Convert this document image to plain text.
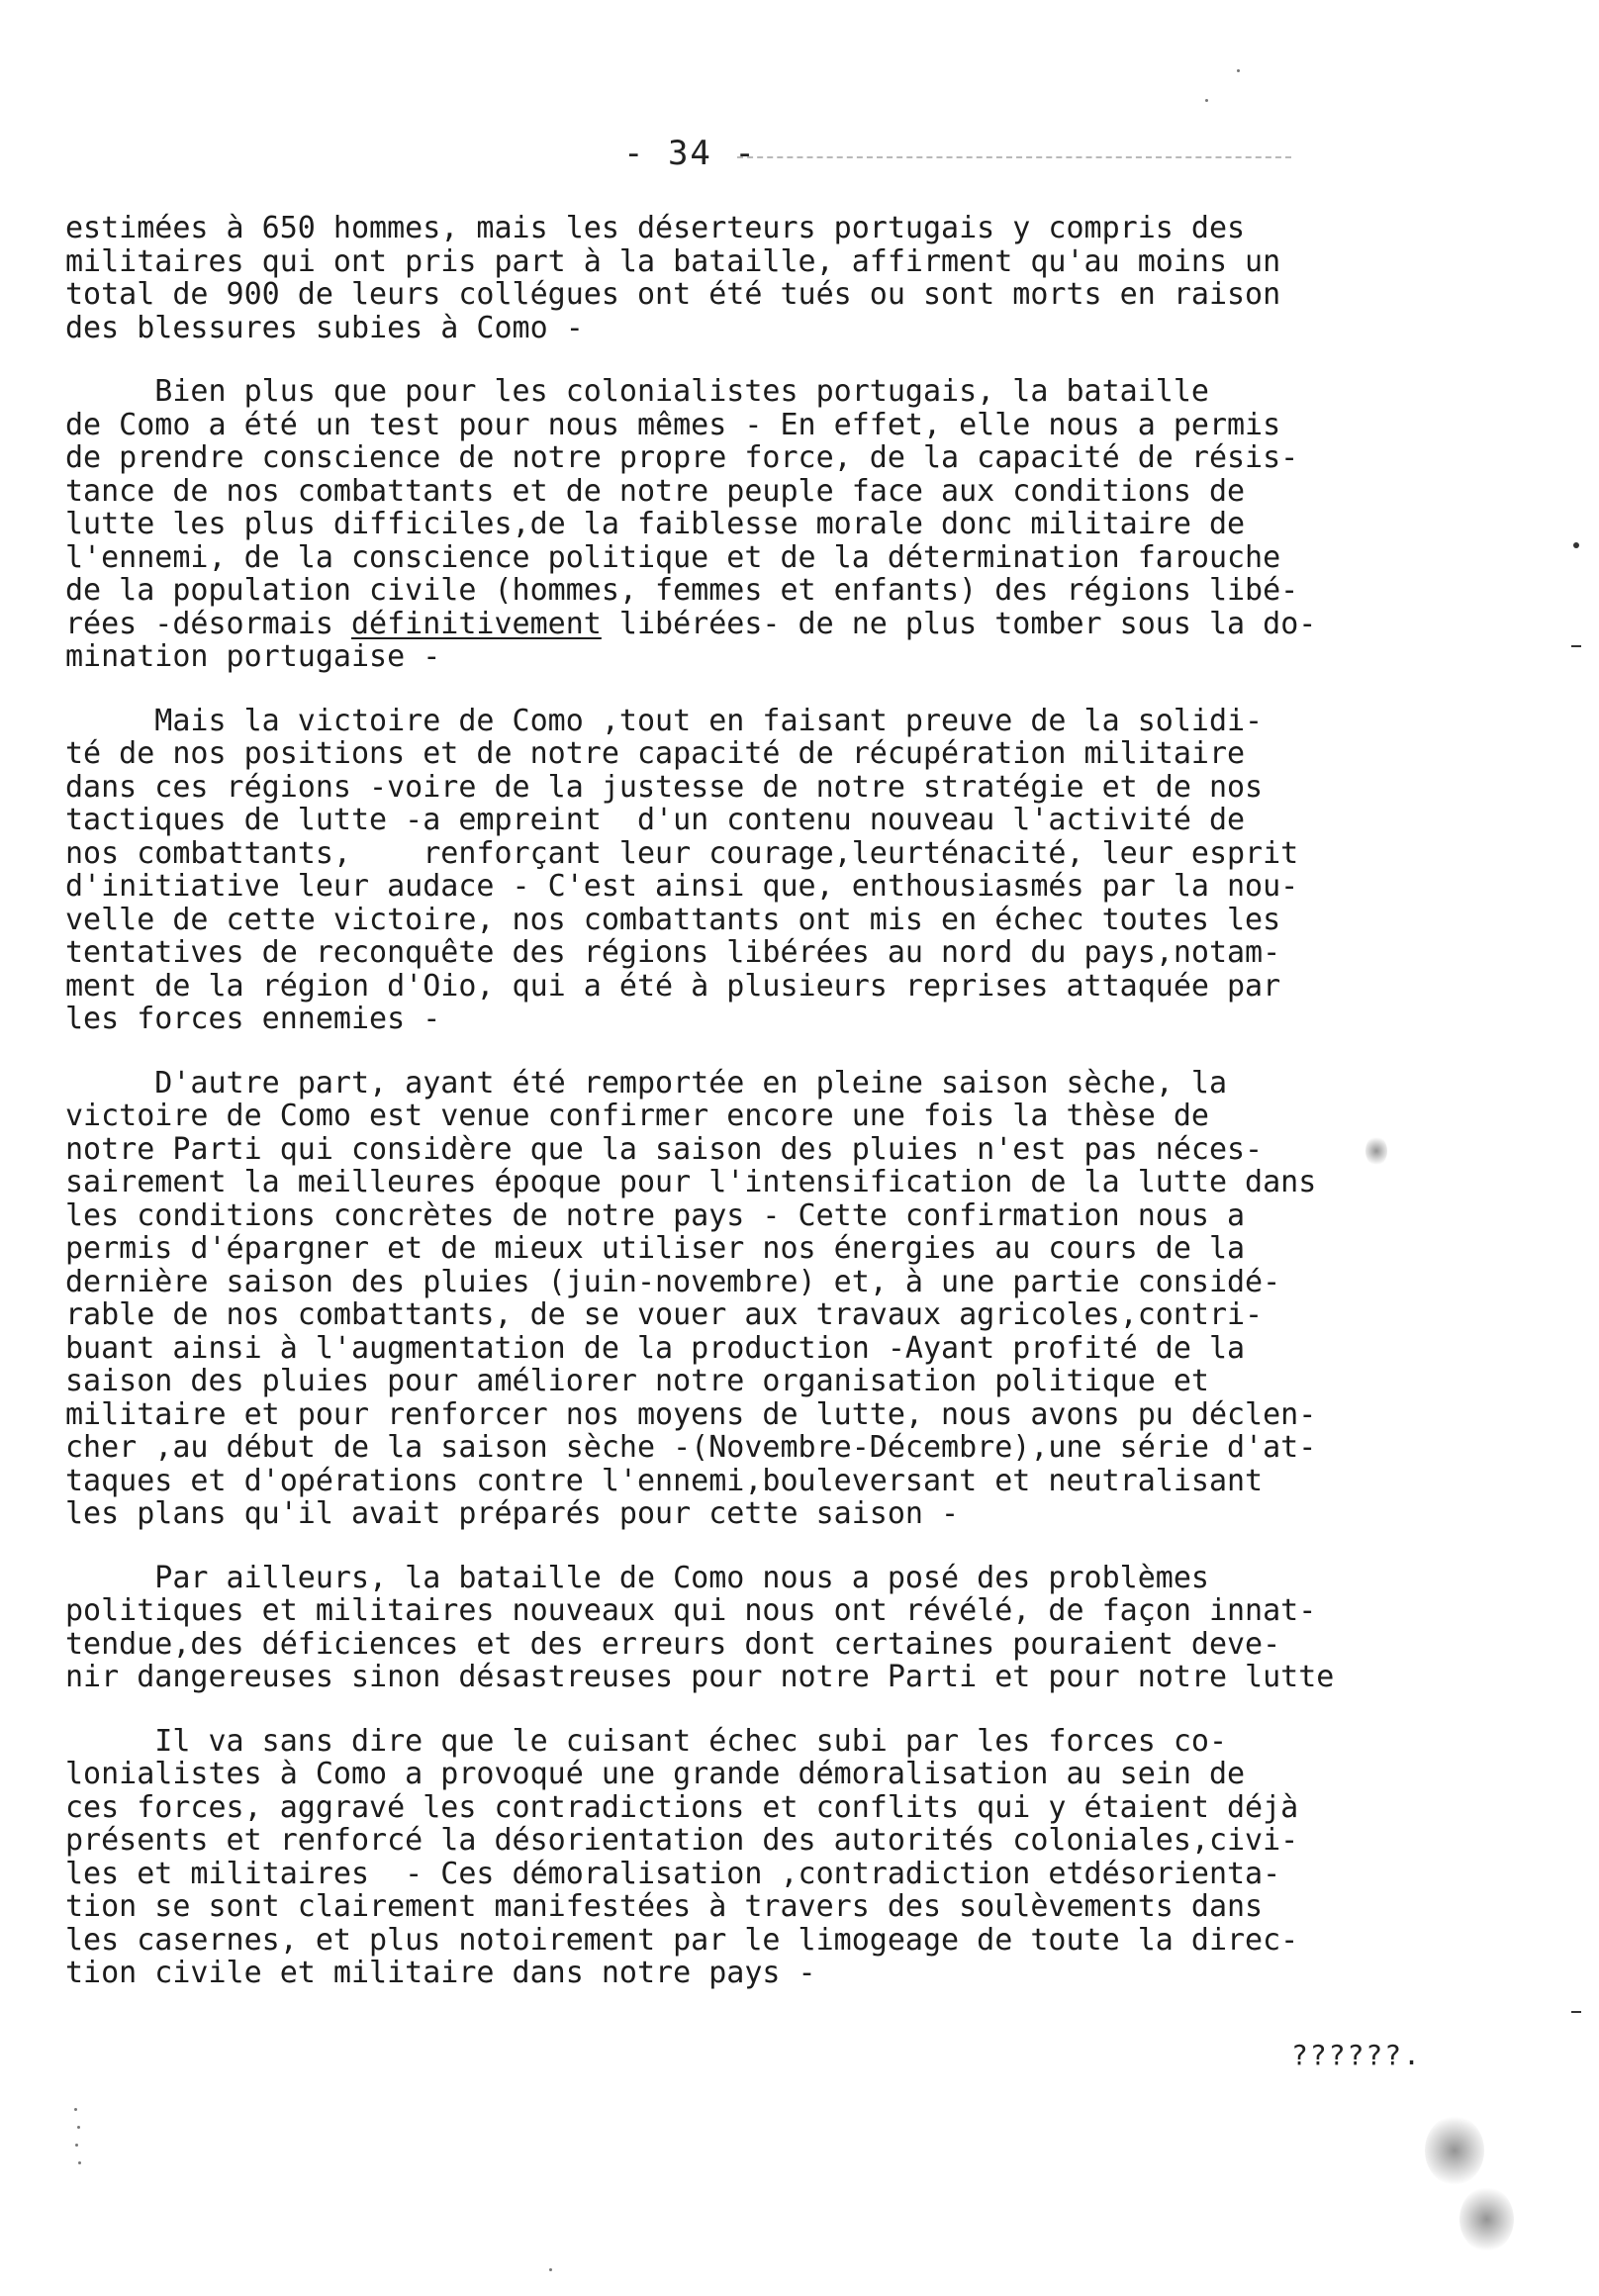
- 34 -
estimées à 650 hommes, mais les déserteurs portugais y compris des
militaires qui ont pris part à la bataille, affirment qu'au moins un
total de 900 de leurs collégues ont été tués ou sont morts en raison
des blessures subies à Como -
Bien plus que pour les colonialistes portugais, la bataille
de Como a été un test pour nous mêmes - En effet, elle nous a permis
de prendre conscience de notre propre force, de la capacité de résis-
tance de nos combattants et de notre peuple face aux conditions de
lutte les plus difficiles,de la faiblesse morale donc militaire de
l'ennemi, de la conscience politique et de la détermination farouche
de la population civile (hommes, femmes et enfants) des régions libé-
rées -désormais définitivement libérées- de ne plus tomber sous la do-
mination portugaise -
Mais la victoire de Como ,tout en faisant preuve de la solidi-
té de nos positions et de notre capacité de récupération militaire
dans ces régions -voire de la justesse de notre stratégie et de nos
tactiques de lutte -a empreint  d'un contenu nouveau l'activité de
nos combattants,    renforçant leur courage,leurténacité, leur esprit
d'initiative leur audace - C'est ainsi que, enthousiasmés par la nou-
velle de cette victoire, nos combattants ont mis en échec toutes les
tentatives de reconquête des régions libérées au nord du pays,notam-
ment de la région d'Oio, qui a été à plusieurs reprises attaquée par
les forces ennemies -
D'autre part, ayant été remportée en pleine saison sèche, la
victoire de Como est venue confirmer encore une fois la thèse de
notre Parti qui considère que la saison des pluies n'est pas néces-
sairement la meilleures époque pour l'intensification de la lutte dans
les conditions concrètes de notre pays - Cette confirmation nous a
permis d'épargner et de mieux utiliser nos énergies au cours de la
dernière saison des pluies (juin-novembre) et, à une partie considé-
rable de nos combattants, de se vouer aux travaux agricoles,contri-
buant ainsi à l'augmentation de la production -Ayant profité de la
saison des pluies pour améliorer notre organisation politique et
militaire et pour renforcer nos moyens de lutte, nous avons pu déclen-
cher ,au début de la saison sèche -(Novembre-Décembre),une série d'at-
taques et d'opérations contre l'ennemi,bouleversant et neutralisant
les plans qu'il avait préparés pour cette saison -
Par ailleurs, la bataille de Como nous a posé des problèmes
politiques et militaires nouveaux qui nous ont révélé, de façon innat-
tendue,des déficiences et des erreurs dont certaines pouraient deve-
nir dangereuses sinon désastreuses pour notre Parti et pour notre lutte
Il va sans dire que le cuisant échec subi par les forces co-
lonialistes à Como a provoqué une grande démoralisation au sein de
ces forces, aggravé les contradictions et conflits qui y étaient déjà
présents et renforcé la désorientation des autorités coloniales,civi-
les et militaires  - Ces démoralisation ,contradiction etdésorienta-
tion se sont clairement manifestées à travers des soulèvements dans
les casernes, et plus notoirement par le limogeage de toute la direc-
tion civile et militaire dans notre pays -
??????.
